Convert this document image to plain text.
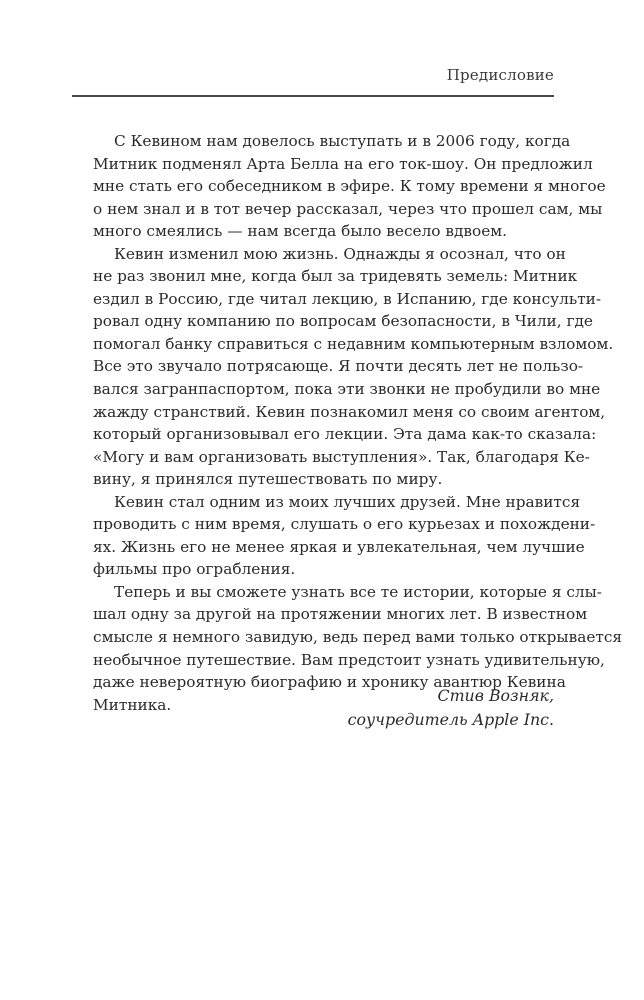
Предисловие

С Кевином нам довелось выступать и в 2006 году, когда
Митник подменял Арта Белла на его ток-шоу. Он предложил
мне стать его собеседником в эфире. К тому времени я многое
о нем знал и в тот вечер рассказал, через что прошел сам, мы
много смеялись — нам всегда было весело вдвоем.

Кевин изменил мою жизнь. Однажды я осознал, что он
не раз звонил мне, когда был за тридевять земель: Митник
ездил в Россию, где читал лекцию, в Испанию, где консульти-
ровал одну компанию по вопросам безопасности, в Чили, где
помогал банку справиться с недавним компьютерным взломом.
Все это звучало потрясающе. Я почти десять лет не пользо-
вался загранпаспортом, пока эти звонки не пробудили во мне
жажду странствий. Кевин познакомил меня со своим агентом,
который организовывал его лекции. Эта дама как-то сказала:
«Могу и вам организовать выступления». Так, благодаря Ке-
вину, я принялся путешествовать по миру.

Кевин стал одним из моих лучших друзей. Мне нравится
проводить с ним время, слушать о его курьезах и похождени-
ях. Жизнь его не менее яркая и увлекательная, чем лучшие
фильмы про ограбления.

Теперь и вы сможете узнать все те истории, которые я слы-
шал одну за другой на протяжении многих лет. В известном
смысле я немного завидую, ведь перед вами только открывается
необычное путешествие. Вам предстоит узнать удивительную,
даже невероятную биографию и хронику авантюр Кевина
Митника.	Стив Возняк,
соучредитель Apple Inc.
